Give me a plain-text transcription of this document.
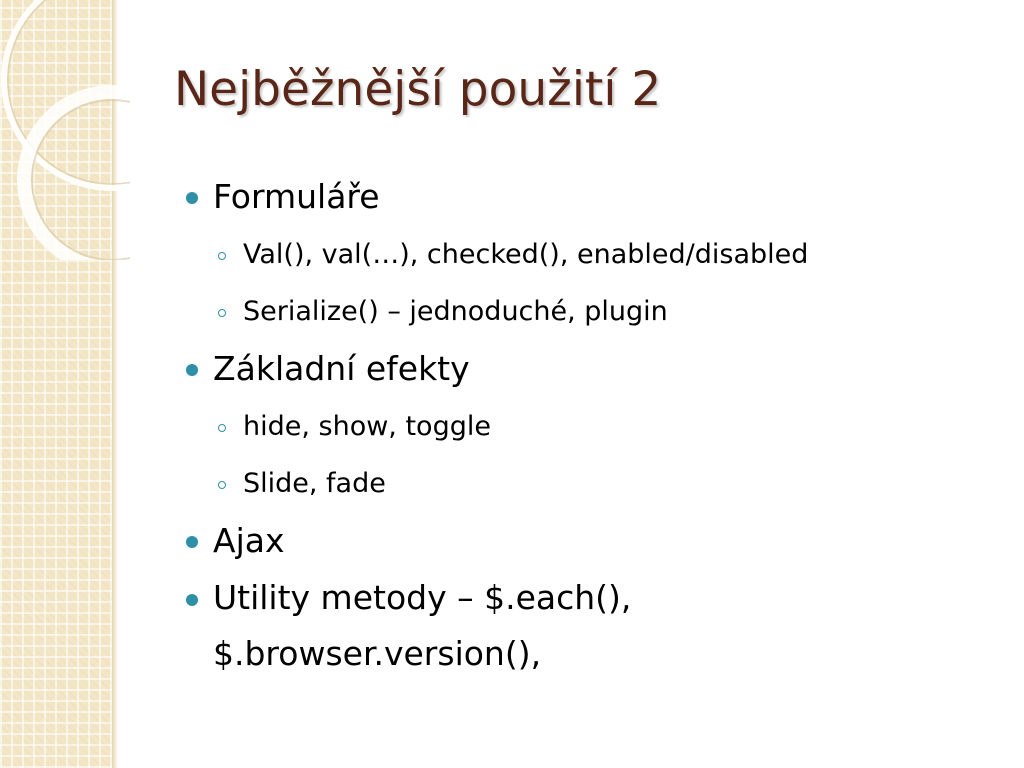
Nejběžnější použití 2
Formuláře
Val(), val(…), checked(), enabled/disabled
Serialize() – jednoduché, plugin
Základní efekty
hide, show, toggle
Slide, fade
Ajax
Utility metody – $.each(), $.browser.version(),
